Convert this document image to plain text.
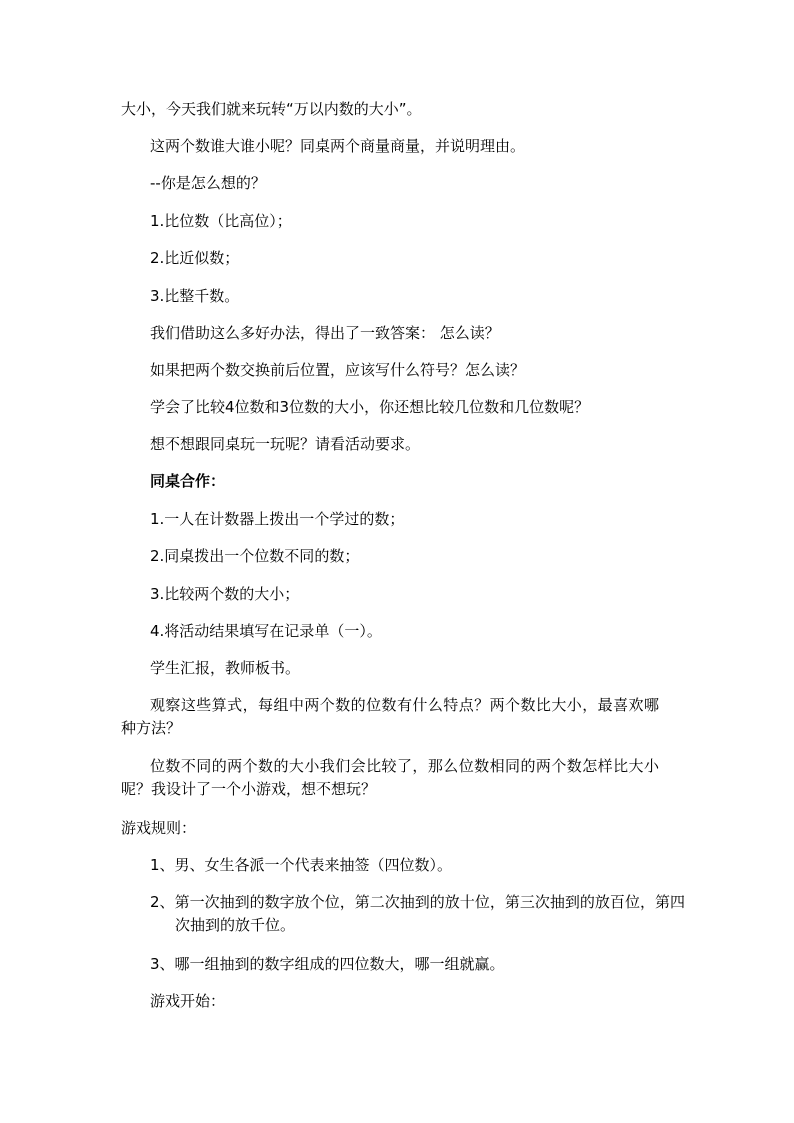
大小，今天我们就来玩转“万以内数的大小”。

这两个数谁大谁小呢？同桌两个商量商量，并说明理由。

--你是怎么想的？

1.比位数（比高位）；

2.比近似数；

3.比整千数。

我们借助这么多好办法，得出了一致答案： 怎么读？

如果把两个数交换前后位置，应该写什么符号？怎么读？

学会了比较4位数和3位数的大小，你还想比较几位数和几位数呢？

想不想跟同桌玩一玩呢？请看活动要求。

同桌合作：

1.一人在计数器上拨出一个学过的数；

2.同桌拨出一个位数不同的数；

3.比较两个数的大小；

4.将活动结果填写在记录单（一）。

学生汇报，教师板书。

观察这些算式，每组中两个数的位数有什么特点？两个数比大小，最喜欢哪种方法？

位数不同的两个数的大小我们会比较了，那么位数相同的两个数怎样比大小呢？我设计了一个小游戏，想不想玩？

游戏规则：

1、男、女生各派一个代表来抽签（四位数）。

2、第一次抽到的数字放个位，第二次抽到的放十位，第三次抽到的放百位，第四次抽到的放千位。

3、哪一组抽到的数字组成的四位数大，哪一组就赢。

游戏开始：
